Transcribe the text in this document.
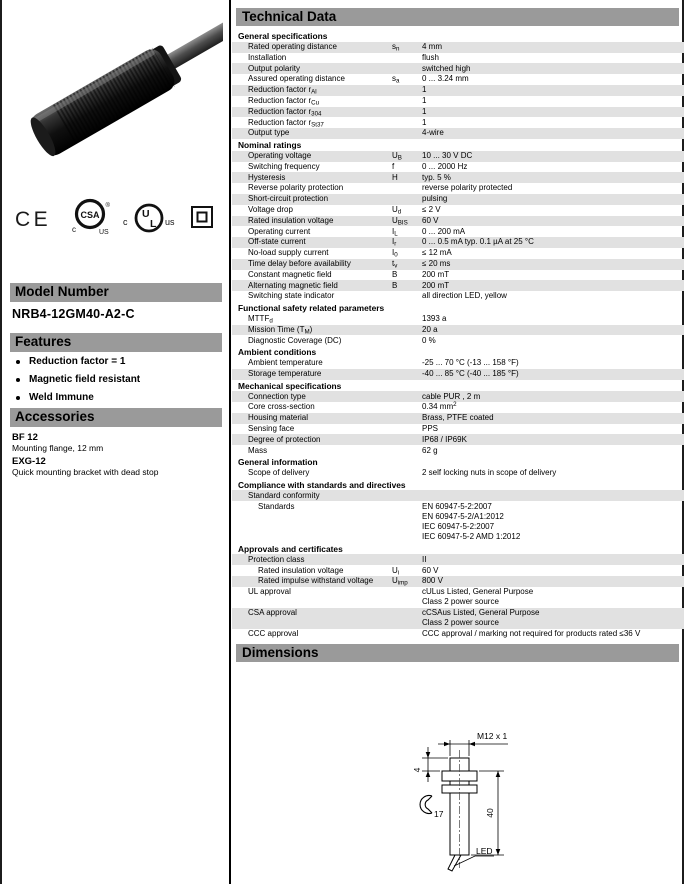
CE	CSA
®
c	US
c
U
L us
Model Number
NRB4-12GM40-A2-C
Features
Reduction factor = 1
Magnetic field resistant
Weld Immune
Accessories
BF 12
Mounting flange, 12 mm
EXG-12
Quick mounting bracket with dead stop
Technical Data
General specifications
Rated operating distance	$s_n$	4 mm
Installation	flush
Output polarity	switched high
Assured operating distance	$s_a$	0 ... 3.24 mm
Reduction factor $r_{Al}$	1
Reduction factor $r_{Cu}$	1
Reduction factor $r_{304}$	1
Reduction factor $r_{St37}$	1
Output type	4-wire
Nominal ratings
Operating voltage	$U_B$	10 ... 30 V DC
Switching frequency	f	0 ... 2000 Hz
Hysteresis	H	typ. 5 %
Reverse polarity protection	reverse polarity protected
Short-circuit protection	pulsing
Voltage drop	$U_d$	≤ 2 V
Rated insulation voltage	$U_{BIS}$	60 V
Operating current	$I_L$	0 ... 200 mA
Off-state current	$I_r$	0 ... 0.5 mA typ. 0.1 µA at 25 °C
No-load supply current	$I_0$	≤ 12 mA
Time delay before availability	$t_v$	≤ 20 ms
Constant magnetic field	B	200 mT
Alternating magnetic field	B	200 mT
Switching state indicator	all direction LED, yellow
Functional safety related parameters
$MTTF_d$	1393 a
Mission Time $(T_M)$	20 a
Diagnostic Coverage (DC)	0 %
Ambient conditions
Ambient temperature	-25 ... 70 °C (-13 ... 158 °F)
Storage temperature	-40 ... 85 °C (-40 ... 185 °F)
Mechanical specifications
Connection type	cable PUR , 2 m
Core cross-section	0.34 $mm^2$
Housing material	Brass, PTFE coated
Sensing face	PPS
Degree of protection	IP68 / IP69K
Mass	62 g
General information
Scope of delivery	2 self locking nuts in scope of delivery
Compliance with standards and directives
Standard conformity
Standards	EN 60947-5-2:2007
EN 60947-5-2/A1:2012
IEC 60947-5-2:2007
IEC 60947-5-2 AMD 1:2012
Approvals and certificates
Protection class	II
Rated insulation voltage	$U_i$	60 V
Rated impulse withstand voltage	$U_{imp}$	800 V
UL approval	cULus Listed, General Purpose
Class 2 power source
CSA approval	cCSAus Listed, General Purpose
Class 2 power source
CCC approval	CCC approval / marking not required for products rated ≤36 V
Dimensions
M12 x 1
4
17	40
LED
